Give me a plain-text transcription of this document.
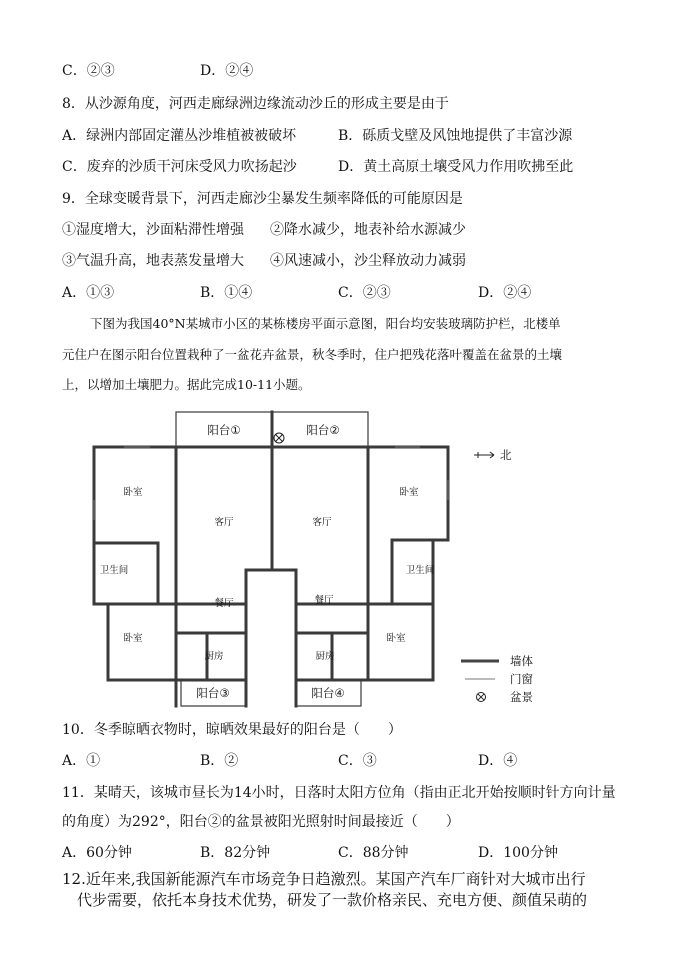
C．②③	D．②④
8．从沙源角度，河西走廊绿洲边缘流动沙丘的形成主要是由于
A．绿洲内部固定灌丛沙堆植被被破坏	B．砾质戈壁及风蚀地提供了丰富沙源
C．废弃的沙质干河床受风力吹扬起沙	D．黄土高原土壤受风力作用吹拂至此
9．全球变暖背景下，河西走廊沙尘暴发生频率降低的可能原因是
①湿度增大，沙面粘滞性增强 ②降水减少，地表补给水源减少
③气温升高，地表蒸发量增大 ④风速减小，沙尘释放动力减弱
A．①③	B．①④	C．②③	D．②④
下图为我国40°N某城市小区的某栋楼房平面示意图，阳台均安装玻璃防护栏，北楼单
元住户在图示阳台位置栽种了一盆花卉盆景，秋冬季时，住户把残花落叶覆盖在盆景的土壤
上，以增加土壤肥力。据此完成10-11小题。
阳台①	阳台②
阳台③	阳台④
卧室	卧室
卧室	卧室
客厅	客厅
卫生间	卫生间
餐厅	餐厅
厨房	厨房
北
墙体
门窗
盆景
10．冬季晾晒衣物时，晾晒效果最好的阳台是（　　）
A．①	B．②	C．③	D．④
11．某晴天，该城市昼长为14小时，日落时太阳方位角（指由正北开始按顺时针方向计量
的角度）为292°，阳台②的盆景被阳光照射时间最接近（　　）
A．60分钟	B．82分钟	C．88分钟	D．100分钟
12.近年来,我国新能源汽车市场竞争日趋激烈。某国产汽车厂商针对大城市出行
代步需要，依托本身技术优势，研发了一款价格亲民、充电方便、颜值呆萌的
